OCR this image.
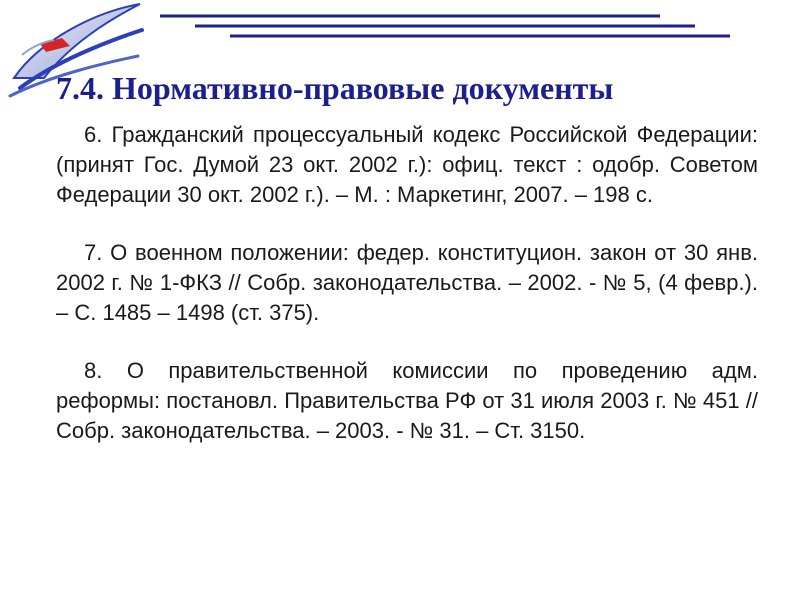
7.4. Нормативно-правовые документы

6. Гражданский процессуальный кодекс Российской Федерации: (принят Гос. Думой 23 окт. 2002 г.): офиц. текст : одобр. Советом Федерации 30 окт. 2002 г.). – М. : Маркетинг, 2007. – 198 с.

7. О военном положении: федер. конституцион. закон от 30 янв. 2002 г. № 1-ФКЗ // Собр. законодательства. – 2002. - № 5, (4 февр.). – С. 1485 – 1498 (ст. 375).

8. О правительственной комиссии по проведению адм. реформы: постановл. Правительства РФ от 31 июля 2003 г. № 451 // Собр. законодательства. – 2003. - № 31. – Ст. 3150.
